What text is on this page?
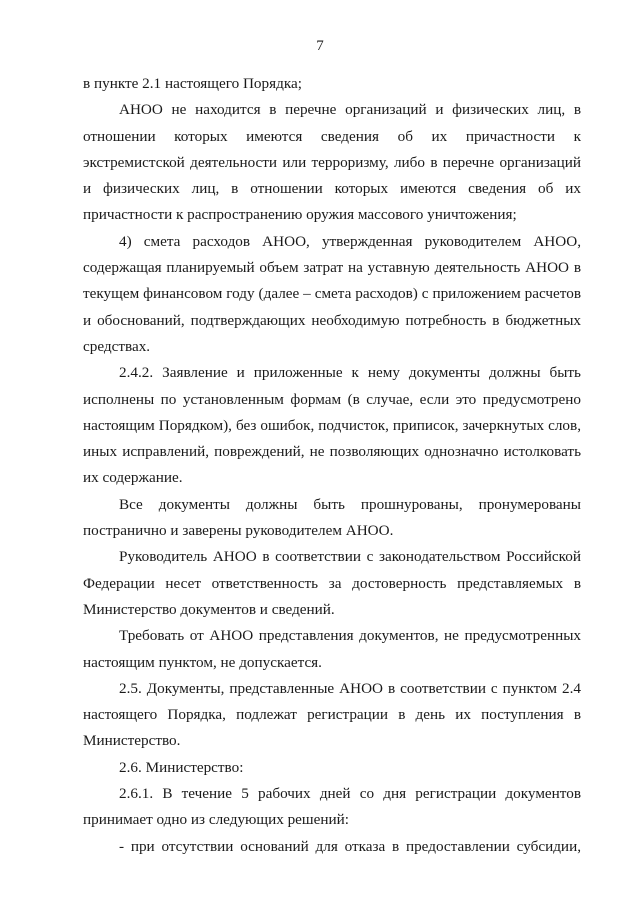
7

в пункте 2.1 настоящего Порядка;

АНОО не находится в перечне организаций и физических лиц, в отношении которых имеются сведения об их причастности к экстремистской деятельности или терроризму, либо в перечне организаций и физических лиц, в отношении которых имеются сведения об их причастности к распространению оружия массового уничтожения;

4) смета расходов АНОО, утвержденная руководителем АНОО, содержащая планируемый объем затрат на уставную деятельность АНОО в текущем финансовом году (далее – смета расходов) с приложением расчетов и обоснований, подтверждающих необходимую потребность в бюджетных средствах.

2.4.2. Заявление и приложенные к нему документы должны быть исполнены по установленным формам (в случае, если это предусмотрено настоящим Порядком), без ошибок, подчисток, приписок, зачеркнутых слов, иных исправлений, повреждений, не позволяющих однозначно истолковать их содержание.

Все документы должны быть прошнурованы, пронумерованы постранично и заверены руководителем АНОО.

Руководитель АНОО в соответствии с законодательством Российской Федерации несет ответственность за достоверность представляемых в Министерство документов и сведений.

Требовать от АНОО представления документов, не предусмотренных настоящим пунктом, не допускается.

2.5. Документы, представленные АНОО в соответствии с пунктом 2.4 настоящего Порядка, подлежат регистрации в день их поступления в Министерство.

2.6. Министерство:

2.6.1. В течение 5 рабочих дней со дня регистрации документов принимает одно из следующих решений:

- при отсутствии оснований для отказа в предоставлении субсидии,
